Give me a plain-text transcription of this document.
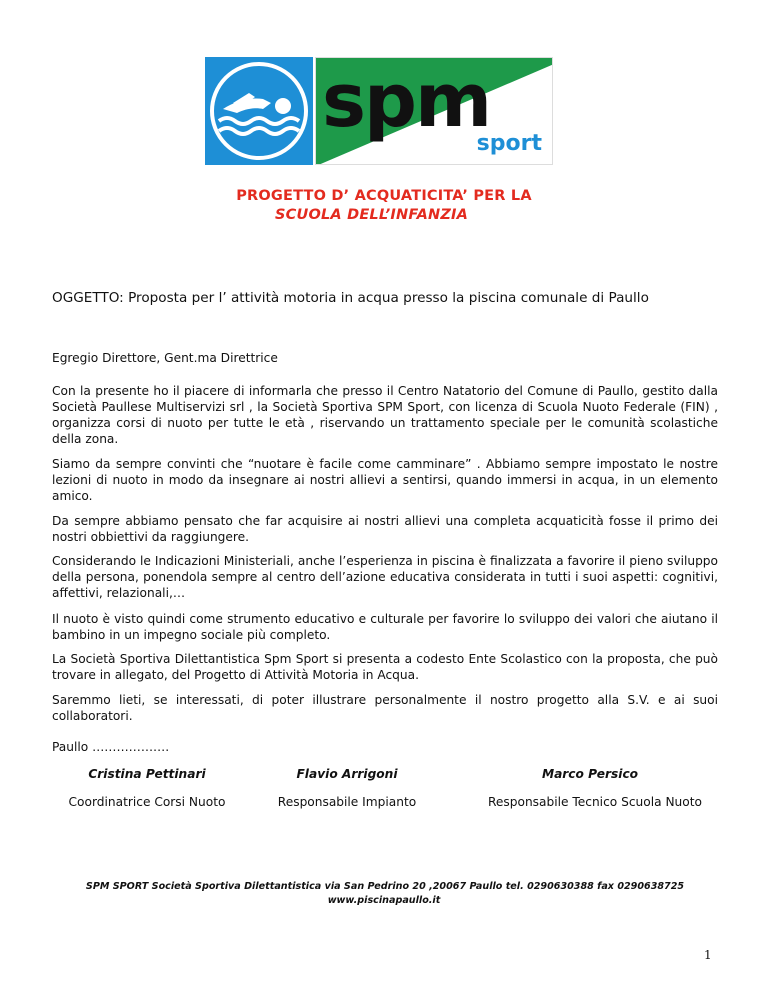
spm
sport
PROGETTO D’ ACQUATICITA’ PER LA
SCUOLA DELL’INFANZIA
OGGETTO: Proposta per l’ attività motoria in acqua presso la piscina comunale di Paullo
Egregio Direttore, Gent.ma Direttrice
Con la presente ho il piacere di informarla che presso il Centro Natatorio del Comune di Paullo, gestito dalla Società Paullese Multiservizi srl , la Società Sportiva SPM Sport, con licenza di Scuola Nuoto Federale (FIN) , organizza corsi di nuoto per tutte le età , riservando un trattamento speciale per le comunità scolastiche della zona.
Siamo da sempre convinti che “nuotare è facile come camminare” . Abbiamo sempre impostato le nostre lezioni di nuoto in modo da insegnare ai nostri allievi a sentirsi, quando immersi in acqua, in un elemento amico.
Da sempre abbiamo pensato che far acquisire ai nostri allievi una completa acquaticità fosse il primo dei nostri obbiettivi da raggiungere.
Considerando le Indicazioni Ministeriali, anche l’esperienza in piscina è finalizzata a favorire il pieno sviluppo della persona, ponendola sempre al centro dell’azione educativa considerata in tutti i suoi aspetti: cognitivi, affettivi, relazionali,…
Il nuoto è visto quindi come strumento educativo e culturale per favorire lo sviluppo dei valori che aiutano il bambino in un impegno sociale più completo.
La Società Sportiva Dilettantistica Spm Sport si presenta a codesto Ente Scolastico con la proposta, che può trovare in allegato, del Progetto di Attività Motoria in Acqua.
Saremmo lieti, se interessati, di poter illustrare personalmente il nostro progetto alla S.V. e ai suoi collaboratori.
Paullo ……………….
Cristina Pettinari	Flavio Arrigoni	Marco Persico
Coordinatrice Corsi Nuoto	Responsabile Impianto	Responsabile Tecnico Scuola Nuoto
SPM SPORT Società Sportiva Dilettantistica via San Pedrino 20 ,20067 Paullo tel. 0290630388 fax 0290638725
www.piscinapaullo.it
1
